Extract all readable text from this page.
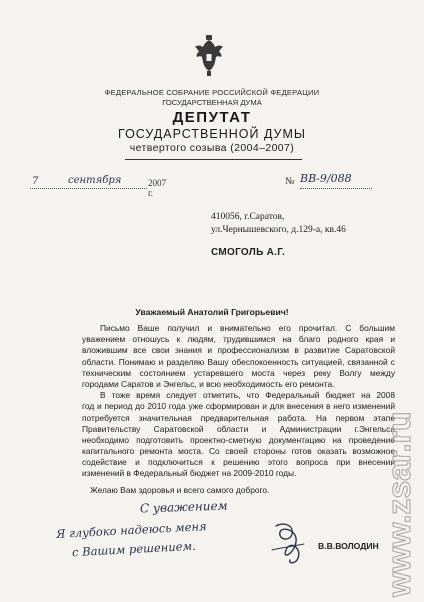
ФЕДЕРАЛЬНОЕ СОБРАНИЕ РОССИЙСКОЙ ФЕДЕРАЦИИ
ГОСУДАРСТВЕННАЯ ДУМА
ДЕПУТАТ
ГОСУДАРСТВЕННОЙ ДУМЫ
четвертого созыва (2004–2007)
7	сентября	2007 г.
№ ВВ-9/088
410056, г.Саратов,
ул.Чернышевского, д.129-а, кв.46
СМОГОЛЬ А.Г.
Уважаемый Анатолий Григорьевич!
Письмо Ваше получил и внимательно его прочитал. С большим
уважением отношусь к людям, трудившимся на благо родного края и
вложившим все свои знания и профессионализм в развитие Саратовской
области. Понимаю и разделяю Вашу обеспокоенность ситуацией, связанной с
техническим состоянием устаревшего моста через реку Волгу между
городами Саратов и Энгельс, и всю необходимость его ремонта.
В тоже время следует отметить, что Федеральный бюджет на 2008
год и период до 2010 года уже сформирован и для внесения в него изменений
потребуется значительная предварительная работа. На первом этапе
Правительству Саратовской области и Администрации г.Энгельса
необходимо подготовить проектно-сметную документацию на проведение
капитального ремонта моста. Со своей стороны готов оказать возможное
содействие и подключиться к решению этого вопроса при внесении
изменений в Федеральный бюджет на 2009-2010 годы.
Желаю Вам здоровья и всего самого доброго.
С уважением
Я глубоко надеюсь меня
с Вашим решением.	В.В.ВОЛОДИН www.zsar.ru
